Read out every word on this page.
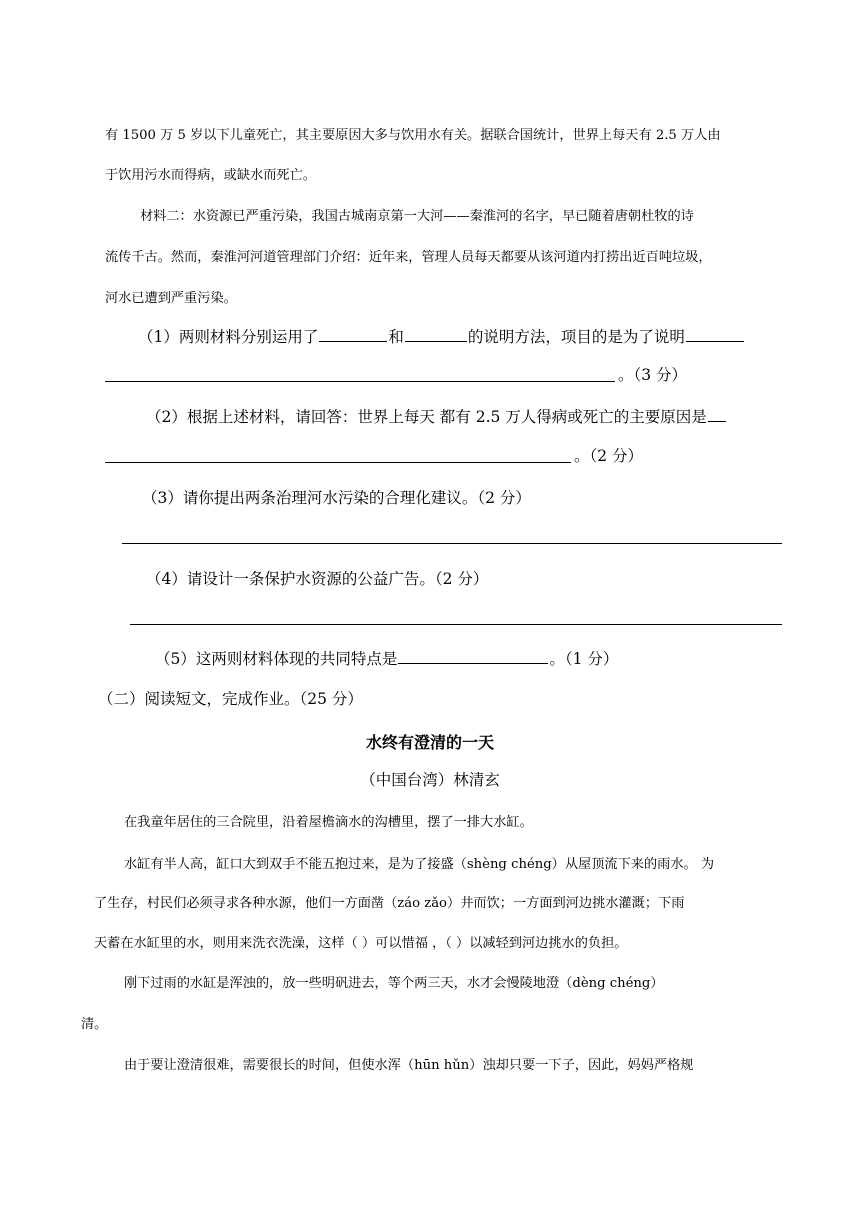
有 1500 万 5 岁以下儿童死亡，其主要原因大多与饮用水有关。据联合国统计，世界上每天有 2.5 万人由
于饮用污水而得病，或缺水而死亡。
材料二：水资源已严重污染，我国古城南京第一大河——秦淮河的名字，早已随着唐朝杜牧的诗
流传千古。然而，秦淮河河道管理部门介绍：近年来，管理人员每天都要从该河道内打捞出近百吨垃圾，
河水已遭到严重污染。
（1）两则材料分别运用了	和	的说明方法，项目的是为了说明
。（3 分）
（2）根据上述材料，请回答：世界上每天 都有 2.5 万人得病或死亡的主要原因是
。（2 分）
（3）请你提出两条治理河水污染的合理化建议。（2 分）
（4）请设计一条保护水资源的公益广告。（2 分）
（5）这两则材料体现的共同特点是	。（1 分）
（二）阅读短文，完成作业。（25 分）
水终有澄清的一天
（中国台湾）林清玄
在我童年居住的三合院里，沿着屋檐滴水的沟槽里，摆了一排大水缸。
水缸有半人高，缸口大到双手不能五抱过来，是为了接盛（shèng chéng）从屋顶流下来的雨水。 为
了生存，村民们必须寻求各种水源，他们一方面凿（záo zǎo）井而饮；一方面到河边挑水灌溉；下雨
天蓄在水缸里的水，则用来洗衣洗澡，这样（ ）可以惜福 ，（ ）以减轻到河边挑水的负担。
刚下过雨的水缸是浑浊的，放一些明矾进去，等个两三天，水才会慢陵地澄（dèng chéng）
清。
由于要让澄清很难，需要很长的时间，但使水浑（hūn hǔn）浊却只要一下子，因此，妈妈严格规
